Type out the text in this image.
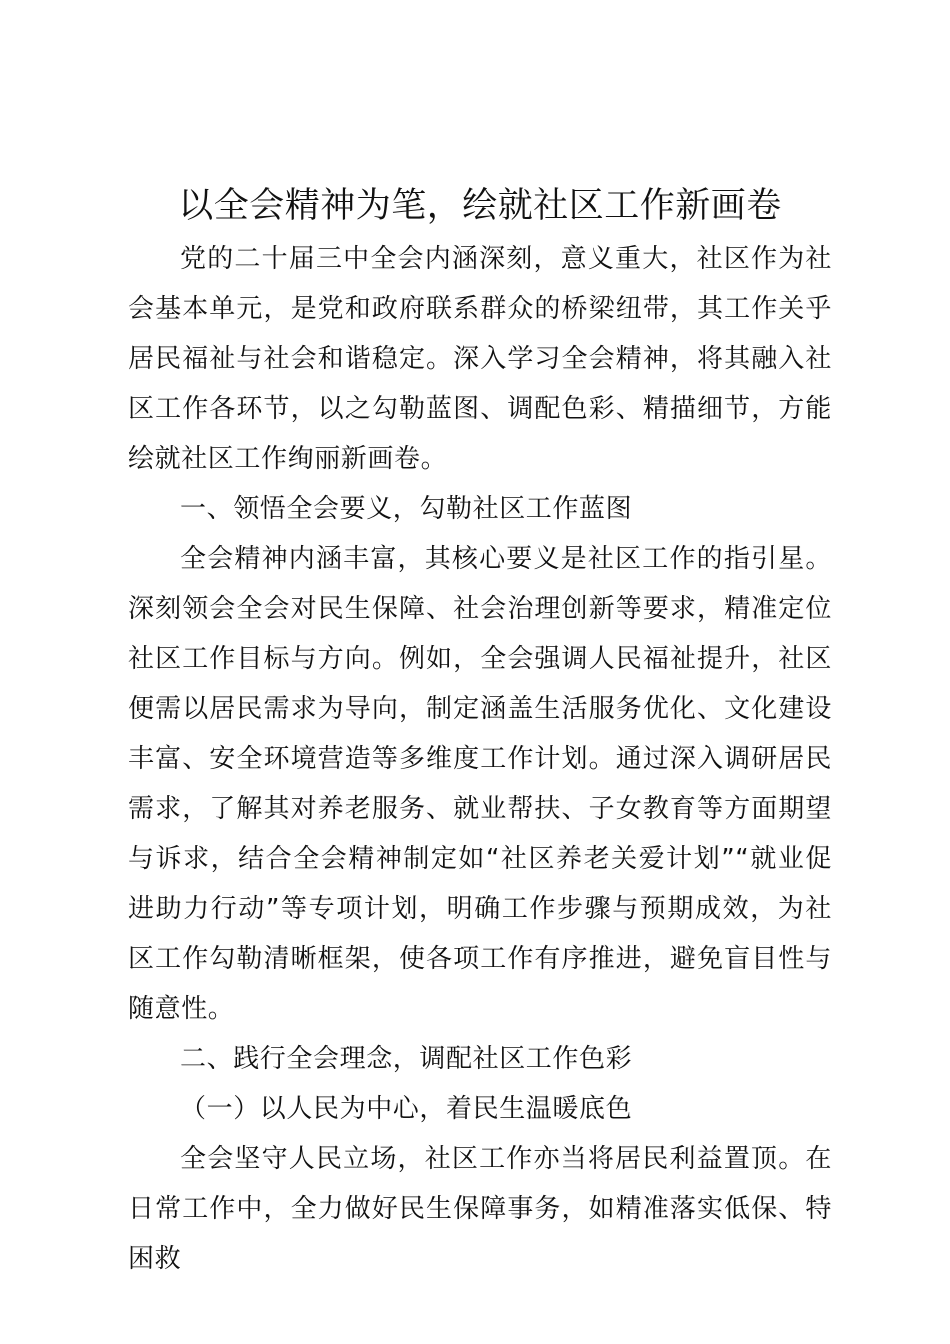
以全会精神为笔，绘就社区工作新画卷

党的二十届三中全会内涵深刻，意义重大，社区作为社会基本单元，是党和政府联系群众的桥梁纽带，其工作关乎居民福祉与社会和谐稳定。深入学习全会精神，将其融入社区工作各环节，以之勾勒蓝图、调配色彩、精描细节，方能绘就社区工作绚丽新画卷。

一、领悟全会要义，勾勒社区工作蓝图

全会精神内涵丰富，其核心要义是社区工作的指引星。深刻领会全会对民生保障、社会治理创新等要求，精准定位社区工作目标与方向。例如，全会强调人民福祉提升，社区便需以居民需求为导向，制定涵盖生活服务优化、文化建设丰富、安全环境营造等多维度工作计划。通过深入调研居民需求，了解其对养老服务、就业帮扶、子女教育等方面期望与诉求，结合全会精神制定如“社区养老关爱计划”“就业促进助力行动”等专项计划，明确工作步骤与预期成效，为社区工作勾勒清晰框架，使各项工作有序推进，避免盲目性与随意性。

二、践行全会理念，调配社区工作色彩

（一）以人民为中心，着民生温暖底色

全会坚守人民立场，社区工作亦当将居民利益置顶。在日常工作中，全力做好民生保障事务，如精准落实低保、特困救
